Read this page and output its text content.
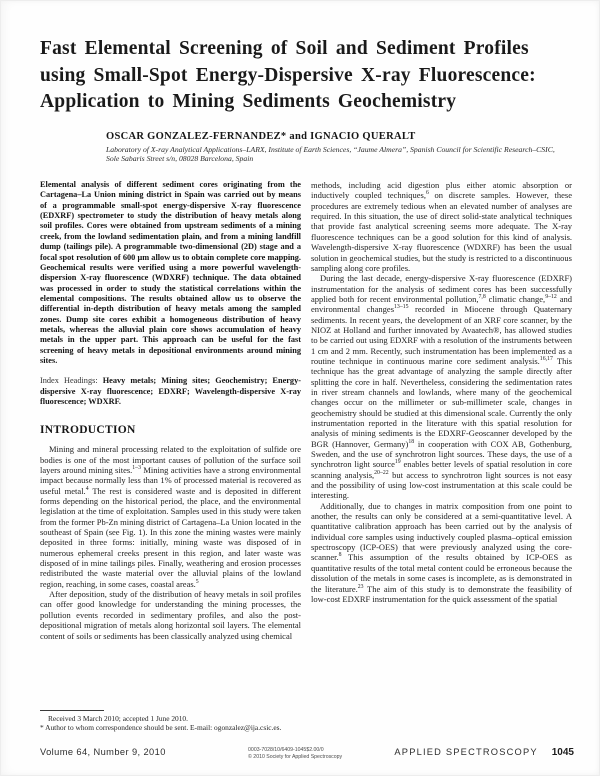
Fast Elemental Screening of Soil and Sediment Profiles
using Small-Spot Energy-Dispersive X-ray Fluorescence:
Application to Mining Sediments Geochemistry
OSCAR GONZALEZ-FERNANDEZ* and IGNACIO QUERALT
Laboratory of X-ray Analytical Applications–LARX, Institute of Earth Sciences, “Jaume Almera”, Spanish Council for Scientific Research–CSIC,
Sole Sabaris Street s/n, 08028 Barcelona, Spain

Elemental analysis of different sediment cores originating from the Cartagena–La Union mining district in Spain was carried out by means of a programmable small-spot energy-dispersive X-ray fluorescence (EDXRF) spectrometer to study the distribution of heavy metals along soil profiles. Cores were obtained from upstream sediments of a mining creek, from the lowland sedimentation plain, and from a mining landfill dump (tailings pile). A programmable two-dimensional (2D) stage and a focal spot resolution of 600 μm allow us to obtain complete core mapping. Geochemical results were verified using a more powerful wavelength-dispersion X-ray fluorescence (WDXRF) technique. The data obtained was processed in order to study the statistical correlations within the elemental compositions. The results obtained allow us to observe the differential in-depth distribution of heavy metals among the sampled zones. Dump site cores exhibit a homogeneous distribution of heavy metals, whereas the alluvial plain core shows accumulation of heavy metals in the upper part. This approach can be useful for the fast screening of heavy metals in depositional environments around mining sites.

Index Headings: Heavy metals; Mining sites; Geochemistry; Energy-dispersive X-ray fluorescence; EDXRF; Wavelength-dispersive X-ray fluorescence; WDXRF.

INTRODUCTION

Mining and mineral processing related to the exploitation of sulfide ore bodies is one of the most important causes of pollution of the surface soil layers around mining sites.$^{1-3}$ Mining activities have a strong environmental impact because normally less than 1% of processed material is recovered as useful metal.$^4$ The rest is considered waste and is deposited in different forms depending on the historical period, the place, and the environmental legislation at the time of exploitation. Samples used in this study were taken from the former Pb-Zn mining district of Cartagena–La Union located in the southeast of Spain (see Fig. 1). In this zone the mining wastes were mainly deposited in three forms: initially, mining waste was disposed of in numerous ephemeral creeks present in this region, and later waste was disposed of in mine tailings piles. Finally, weathering and erosion processes redistributed the waste material over the alluvial plains of the lowland region, reaching, in some cases, coastal areas.$^5$

After deposition, study of the distribution of heavy metals in soil profiles can offer good knowledge for understanding the mining processes, the pollution events recorded in sedimentary profiles, and also the post-depositional migration of metals along horizontal soil layers. The elemental content of soils or sediments has been classically analyzed using chemical

Received 3 March 2010; accepted 1 June 2010.
* Author to whom correspondence should be sent. E-mail: ogonzalez@ija.csic.es.

methods, including acid digestion plus either atomic absorption or inductively coupled techniques,$^6$ on discrete samples. However, these procedures are extremely tedious when an elevated number of analyses are required. In this situation, the use of direct solid-state analytical techniques that provide fast analytical screening seems more adequate. The X-ray fluorescence techniques can be a good solution for this kind of analysis. Wavelength-dispersive X-ray fluorescence (WDXRF) has been the usual solution in geochemical studies, but the study is restricted to a discontinuous sampling along core profiles.

During the last decade, energy-dispersive X-ray fluorescence (EDXRF) instrumentation for the analysis of sediment cores has been successfully applied both for recent environmental pollution,$^{7,8}$ climatic change,$^{9-12}$ and environmental changes$^{13-15}$ recorded in Miocene through Quaternary sediments. In recent years, the development of an XRF core scanner, by the NIOZ at Holland and further innovated by Avaatech®, has allowed studies to be carried out using EDXRF with a resolution of the instruments between 1 cm and 2 mm. Recently, such instrumentation has been implemented as a routine technique in continuous marine core sediment analysis.$^{16,17}$ This technique has the great advantage of analyzing the sample directly after splitting the core in half. Nevertheless, considering the sedimentation rates in river stream channels and lowlands, where many of the geochemical changes occur on the millimeter or sub-millimeter scale, changes in geochemistry should be studied at this dimensional scale. Currently the only instrumentation reported in the literature with this spatial resolution for analysis of mining sediments is the EDXRF-Geoscanner developed by the BGR (Hannover, Germany)$^{18}$ in cooperation with COX AB, Gothenburg, Sweden, and the use of synchrotron light sources. These days, the use of a synchrotron light source$^{19}$ enables better levels of spatial resolution in core scanning analysis,$^{20-22}$ but access to synchrotron light sources is not easy and the possibility of using low-cost instrumentation at this scale could be interesting.

Additionally, due to changes in matrix composition from one point to another, the results can only be considered at a semi-quantitative level. A quantitative calibration approach has been carried out by the analysis of individual core samples using inductively coupled plasma–optical emission spectroscopy (ICP-OES) that were previously analyzed using the core-scanner.$^8$ This assumption of the results obtained by ICP-OES as quantitative results of the total metal content could be erroneous because the dissolution of the metals in some cases is incomplete, as is demonstrated in the literature.$^{23}$ The aim of this study is to demonstrate the feasibility of low-cost EDXRF instrumentation for the quick assessment of the spatial

Volume 64, Number 9, 2010	0003-7028/10/6409-1045$2.00/0
© 2010 Society for Applied Spectroscopy	APPLIED SPECTROSCOPY 1045
